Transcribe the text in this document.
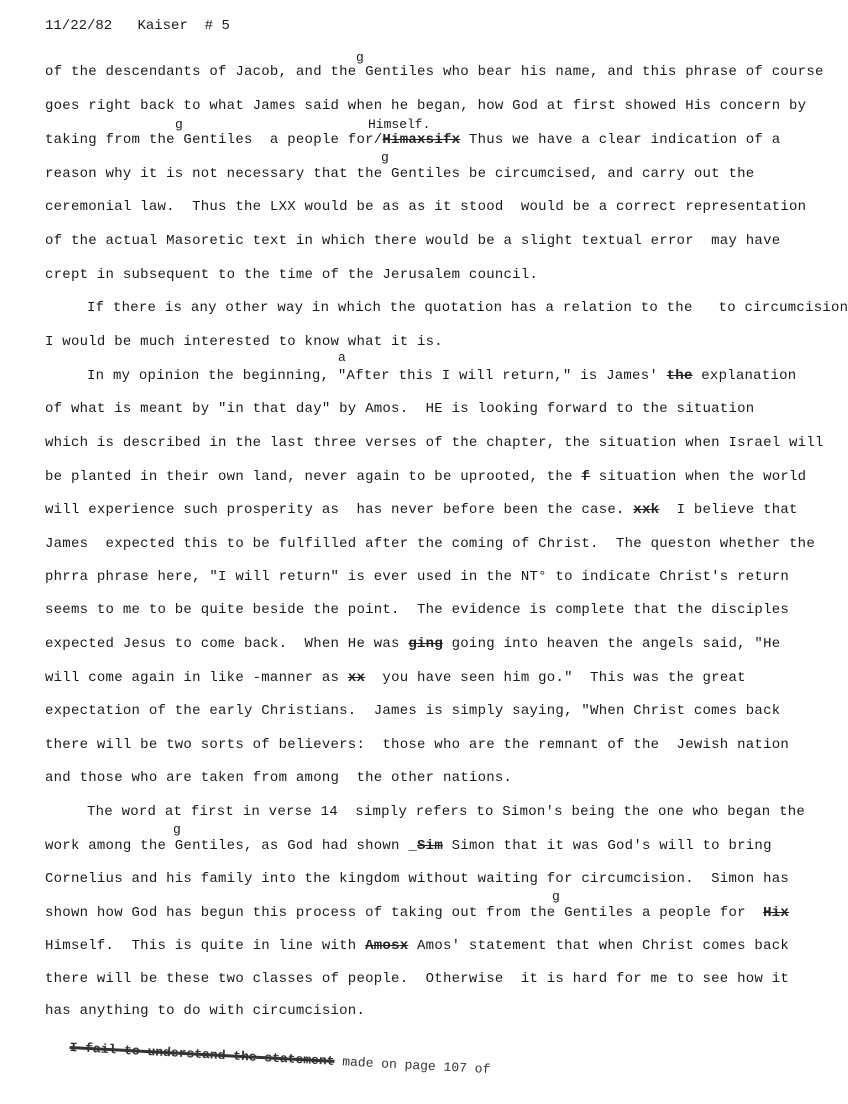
11/22/82 Kaiser # 5
g
g	Himself.
g
a
g
g
of the descendants of Jacob, and the Gentiles who bear his name, and this phrase of course
goes right back to what James said when he began, how God at first showed His concern by
taking from the Gentiles  a people for/Himaxsifx Thus we have a clear indication of a
reason why it is not necessary that the Gentiles be circumcised, and carry out the
ceremonial law.  Thus the LXX would be as as it stood  would be a correct representation
of the actual Masoretic text in which there would be a slight textual error  may have
crept in subsequent to the time of the Jerusalem council.
If there is any other way in which the quotation has a relation to the   to circumcision
I would be much interested to know what it is.
In my opinion the beginning, "After this I will return," is James' the explanation
of what is meant by "in that day" by Amos.  HE is looking forward to the situation
which is described in the last three verses of the chapter, the situation when Israel will
be planted in their own land, never again to be uprooted, the f situation when the world
will experience such prosperity as  has never before been the case. xxk  I believe that
James  expected this to be fulfilled after the coming of Christ.  The queston whether the
phrra phrase here, "I will return" is ever used in the NT° to indicate Christ's return
seems to me to be quite beside the point.  The evidence is complete that the disciples
expected Jesus to come back.  When He was ging going into heaven the angels said, "He
will come again in like -manner as xx  you have seen him go."  This was the great
expectation of the early Christians.  James is simply saying, "When Christ comes back
there will be two sorts of believers:  those who are the remnant of the  Jewish nation
and those who are taken from among  the other nations.
The word at first in verse 14  simply refers to Simon's being the one who began the
work among the Gentiles, as God had shown _Sim Simon that it was God's will to bring
Cornelius and his family into the kingdom without waiting for circumcision.  Simon has
shown how God has begun this process of taking out from the Gentiles a people for  Hix
Himself.  This is quite in line with Amosx Amos' statement that when Christ comes back
there will be these two classes of people.  Otherwise  it is hard for me to see how it
has anything to do with circumcision.
I fail to understand the statement made on page 107 of
